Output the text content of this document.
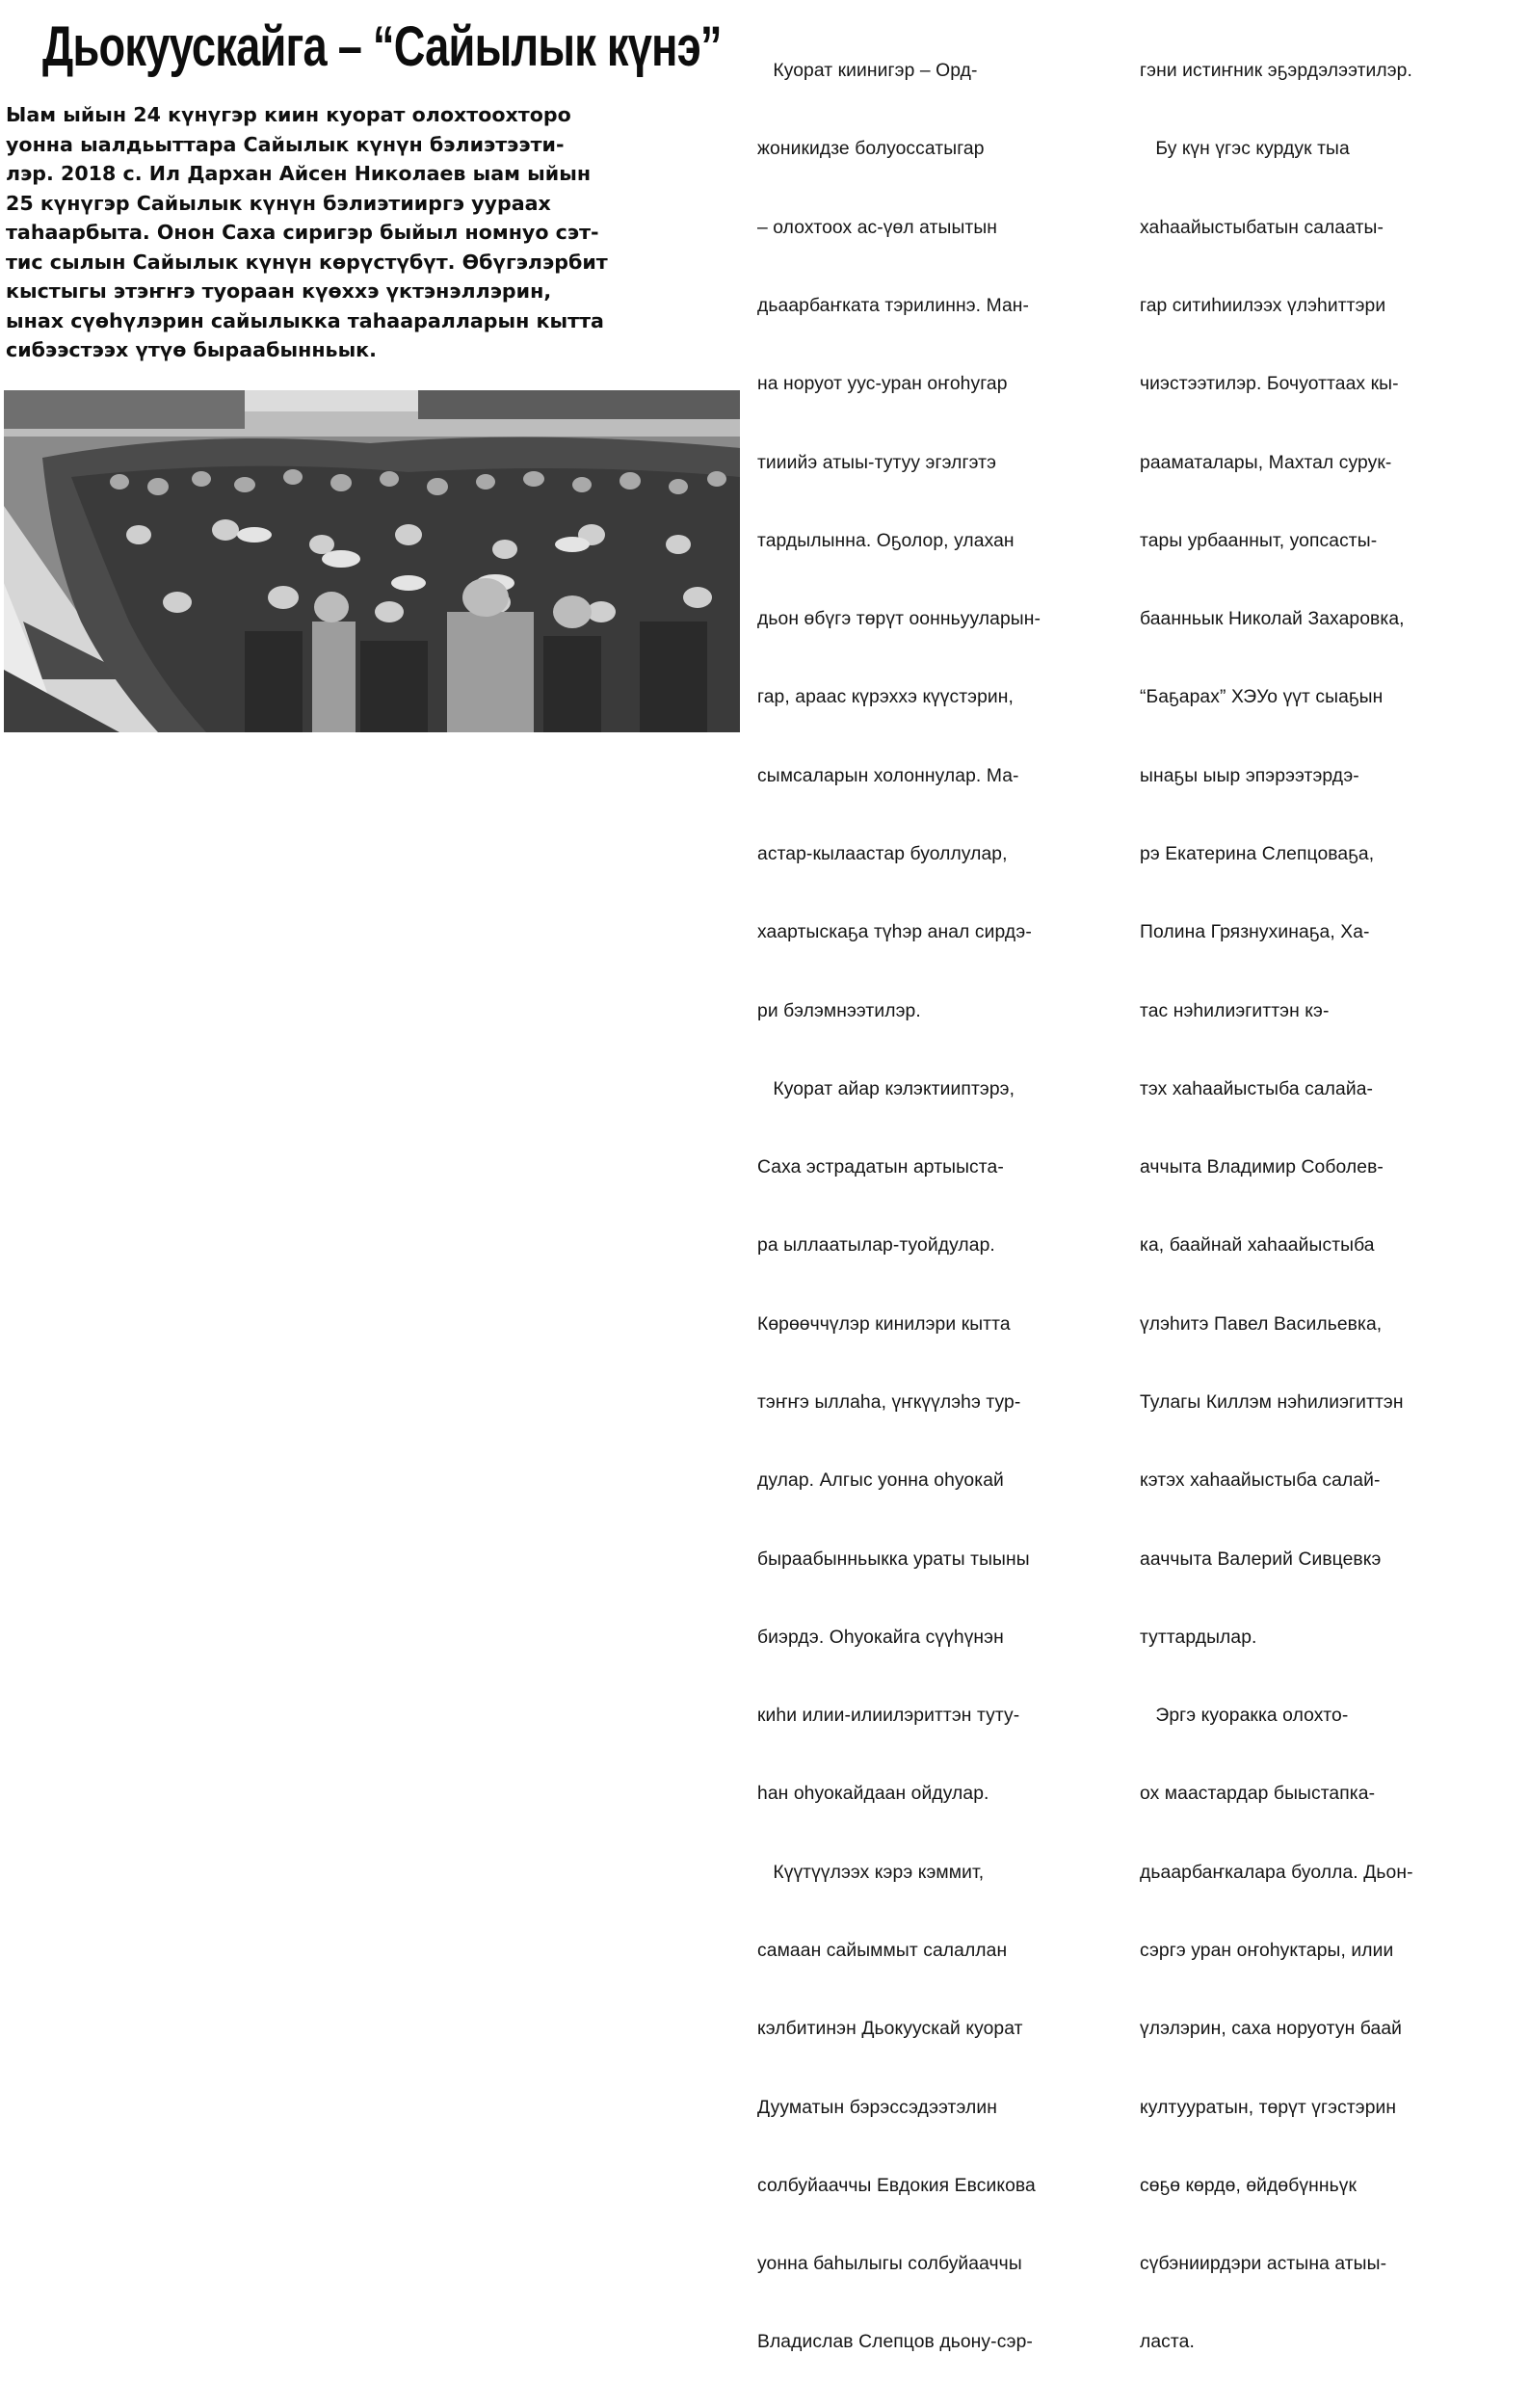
Дьокуускайга – “Сайылык күнэ”

Ыам ыйын 24 күнүгэр киин куорат олохтоохторо
уонна ыалдьыттара Сайылык күнүн бэлиэтээти-
лэр. 2018 с. Ил Дархан Айсен Николаев ыам ыйын
25 күнүгэр Сайылык күнүн бэлиэтииргэ уураах
таһаарбыта. Онон Саха сиригэр быйыл номнуо сэт-
тис сылын Сайылык күнүн көрүстүбүт. Өбүгэлэрбит
кыстыгы этэҥҥэ туораан күөххэ үктэнэллэрин,
ынах сүөһүлэрин сайылыкка таһааралларын кытта
сибээстээх үтүө быраабынньык.

Куорат киинигэр – Орд-

жоникидзе болуоссатыгар

– олохтоох ас-үөл атыытын

дьаарбаҥката тэрилиннэ. Ман-

на норуот уус-уран оҥоһугар

тииийэ атыы-тутуу эгэлгэтэ

тардылынна. Оҕолор, улахан

дьон өбүгэ төрүт оонньууларын-

гар, араас күрэххэ күүстэрин,

сымсаларын холоннулар. Ма-

астар-кылаастар буоллулар,

хаартыскаҕа түһэр анал сирдэ-

ри бэлэмнээтилэр.

Куорат айар кэлэктииптэрэ,

Саха эстрадатын артыыста-

ра ыллаатылар-туойдулар.

Көрөөччүлэр кинилэри кытта

тэҥҥэ ыллаһа, үҥкүүлэһэ тур-

дулар. Алгыс уонна оһуокай

быраабынньыкка ураты тыыны

биэрдэ. Оһуокайга сүүһүнэн

киһи илии-илиилэриттэн туту-

һан оһуокайдаан ойдулар.

Күүтүүлээх кэрэ кэммит,

самаан сайыммыт салаллан

кэлбитинэн Дьокуускай куорат

Дууматын бэрэссэдээтэлин

солбуйааччы Евдокия Евсикова

уонна баһылыгы солбуйааччы

Владислав Слепцов дьону-сэр-

гэни истиҥник эҕэрдэлээтилэр.

Бу күн үгэс курдук тыа

хаһаайыстыбатын салааты-

гар ситиһиилээх үлэһиттэри

чиэстээтилэр. Бочуоттаах кы-

рааматалары, Махтал сурук-

тары урбаанныт, уопсасты-

баанньык Николай Захаровка,

“Баҕарах” ХЭУо үүт сыаҕын

ынаҕы ыыр эпэрээтэрдэ-

рэ Екатерина Слепцоваҕа,

Полина Грязнухинаҕа, Ха-

тас нэһилиэгиттэн кэ-

тэх хаһаайыстыба салайа-

аччыта Владимир Соболев-

ка, баайнай хаһаайыстыба

үлэһитэ Павел Васильевка,

Тулагы Киллэм нэһилиэгиттэн

кэтэх хаһаайыстыба салай-

ааччыта Валерий Сивцевкэ

туттардылар.

Эргэ куоракка олохто-

ох маастардар быыстапка-

дьаарбаҥкалара буолла. Дьон-

сэргэ уран оҥоһуктары, илии

үлэлэрин, саха норуотун баай

култууратын, төрүт үгэстэрин

сөҕө көрдө, өйдөбүнньүк

сүбэниирдэри астына атыы-

ласта.
